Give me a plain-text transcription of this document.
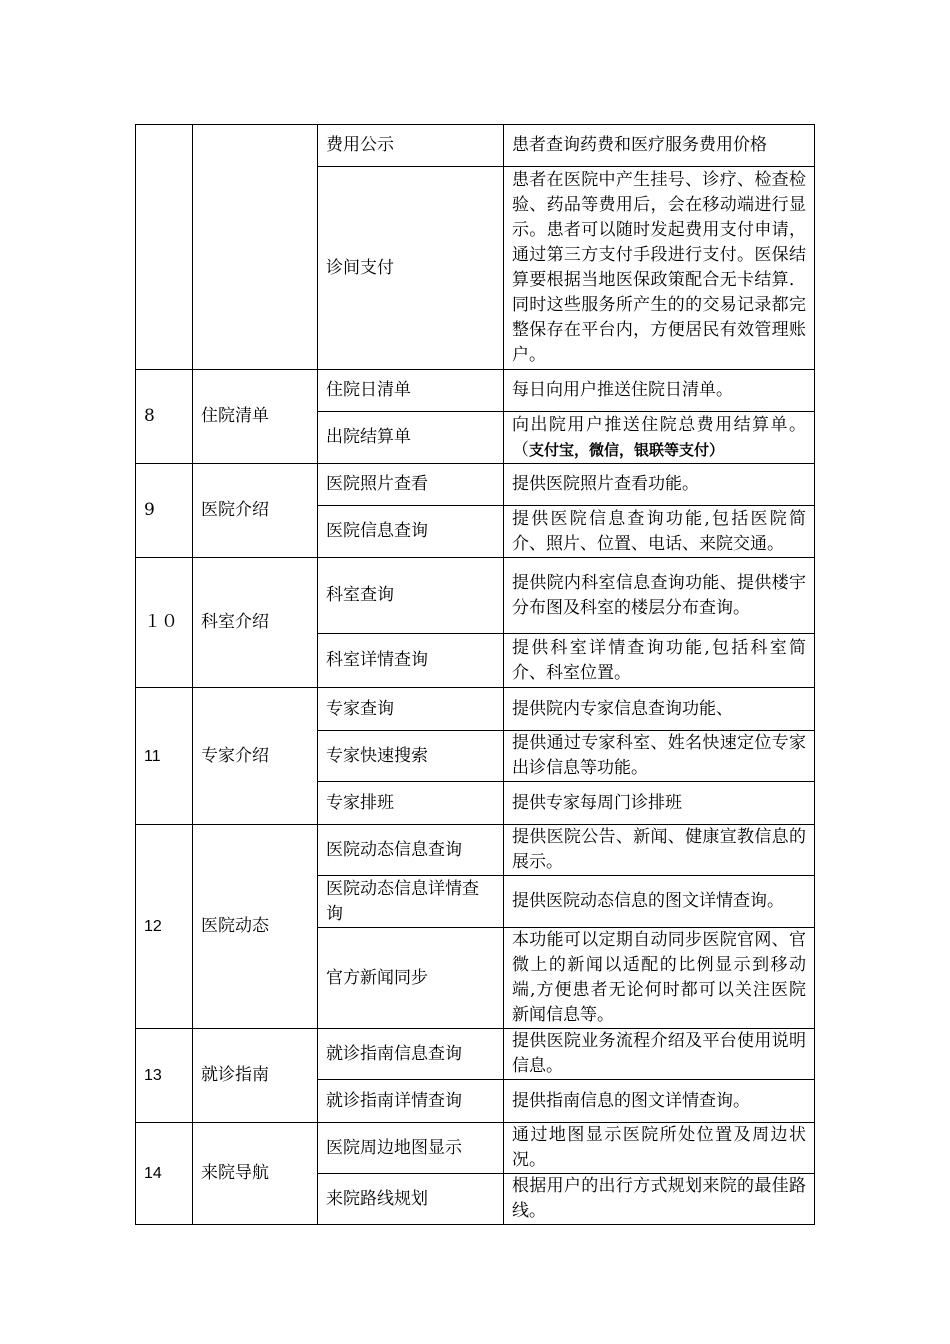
		费用公示	患者查询药费和医疗服务费用价格
		诊间支付	患者在医院中产生挂号、诊疗、检查检验、药品等费用后，会在移动端进行显示。患者可以随时发起费用支付申请，通过第三方支付手段进行支付。医保结算要根据当地医保政策配合无卡结算．同时这些服务所产生的的交易记录都完整保存在平台内，方便居民有效管理账户。
8	住院清单	住院日清单	每日向用户推送住院日清单。
		出院结算单	向出院用户推送住院总费用结算单。（支付宝，微信，银联等支付）
9	医院介绍	医院照片查看	提供医院照片查看功能。
		医院信息查询	提供医院信息查询功能,包括医院简介、照片、位置、电话、来院交通。
１０	科室介绍	科室查询	提供院内科室信息查询功能、提供楼宇分布图及科室的楼层分布查询。
		科室详情查询	提供科室详情查询功能,包括科室简介、科室位置。
11	专家介绍	专家查询	提供院内专家信息查询功能、
		专家快速搜索	提供通过专家科室、姓名快速定位专家出诊信息等功能。
		专家排班	提供专家每周门诊排班
12	医院动态	医院动态信息查询	提供医院公告、新闻、健康宣教信息的展示。
		医院动态信息详情查询	提供医院动态信息的图文详情查询。
		官方新闻同步	本功能可以定期自动同步医院官网、官微上的新闻以适配的比例显示到移动端,方便患者无论何时都可以关注医院新闻信息等。
13	就诊指南	就诊指南信息查询	提供医院业务流程介绍及平台使用说明信息。
		就诊指南详情查询	提供指南信息的图文详情查询。
14	来院导航	医院周边地图显示	通过地图显示医院所处位置及周边状况。
		来院路线规划	根据用户的出行方式规划来院的最佳路线。
